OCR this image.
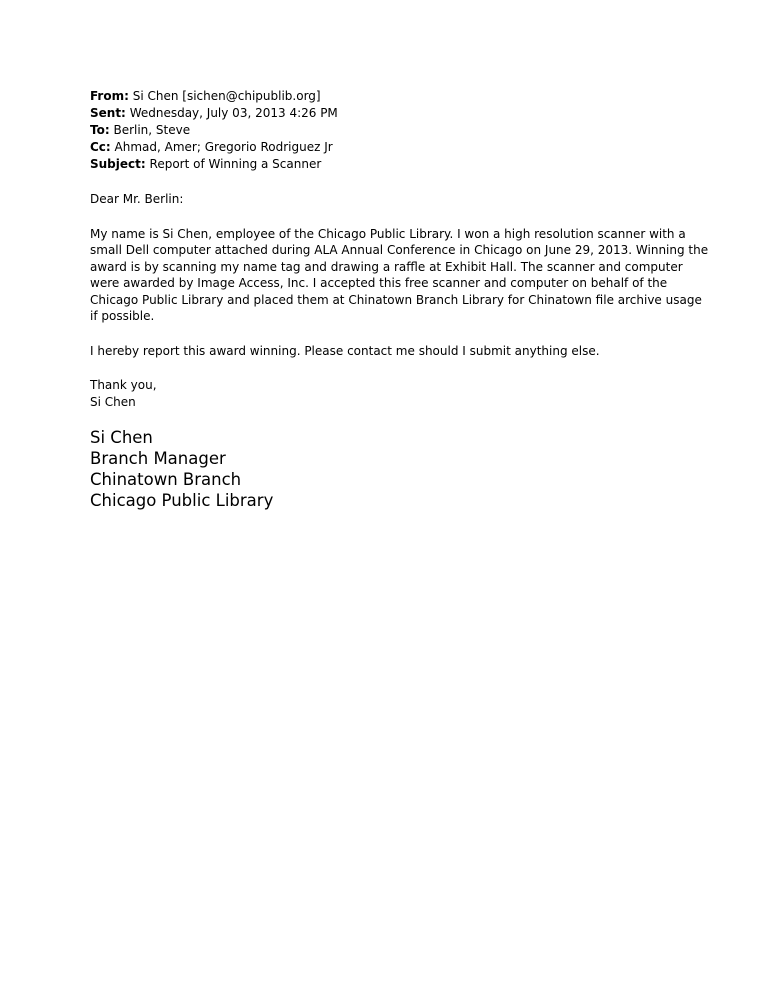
From: Si Chen [sichen@chipublib.org]
Sent: Wednesday, July 03, 2013 4:26 PM
To: Berlin, Steve
Cc: Ahmad, Amer; Gregorio Rodriguez Jr
Subject: Report of Winning a Scanner

Dear Mr. Berlin:

My name is Si Chen, employee of the Chicago Public Library. I won a high resolution scanner with a small Dell computer attached during ALA Annual Conference in Chicago on June 29, 2013. Winning the award is by scanning my name tag and drawing a raffle at Exhibit Hall. The scanner and computer were awarded by Image Access, Inc. I accepted this free scanner and computer on behalf of the Chicago Public Library and placed them at Chinatown Branch Library for Chinatown file archive usage if possible.

I hereby report this award winning. Please contact me should I submit anything else.

Thank you,
Si Chen
Si Chen
Branch Manager
Chinatown Branch
Chicago Public Library
